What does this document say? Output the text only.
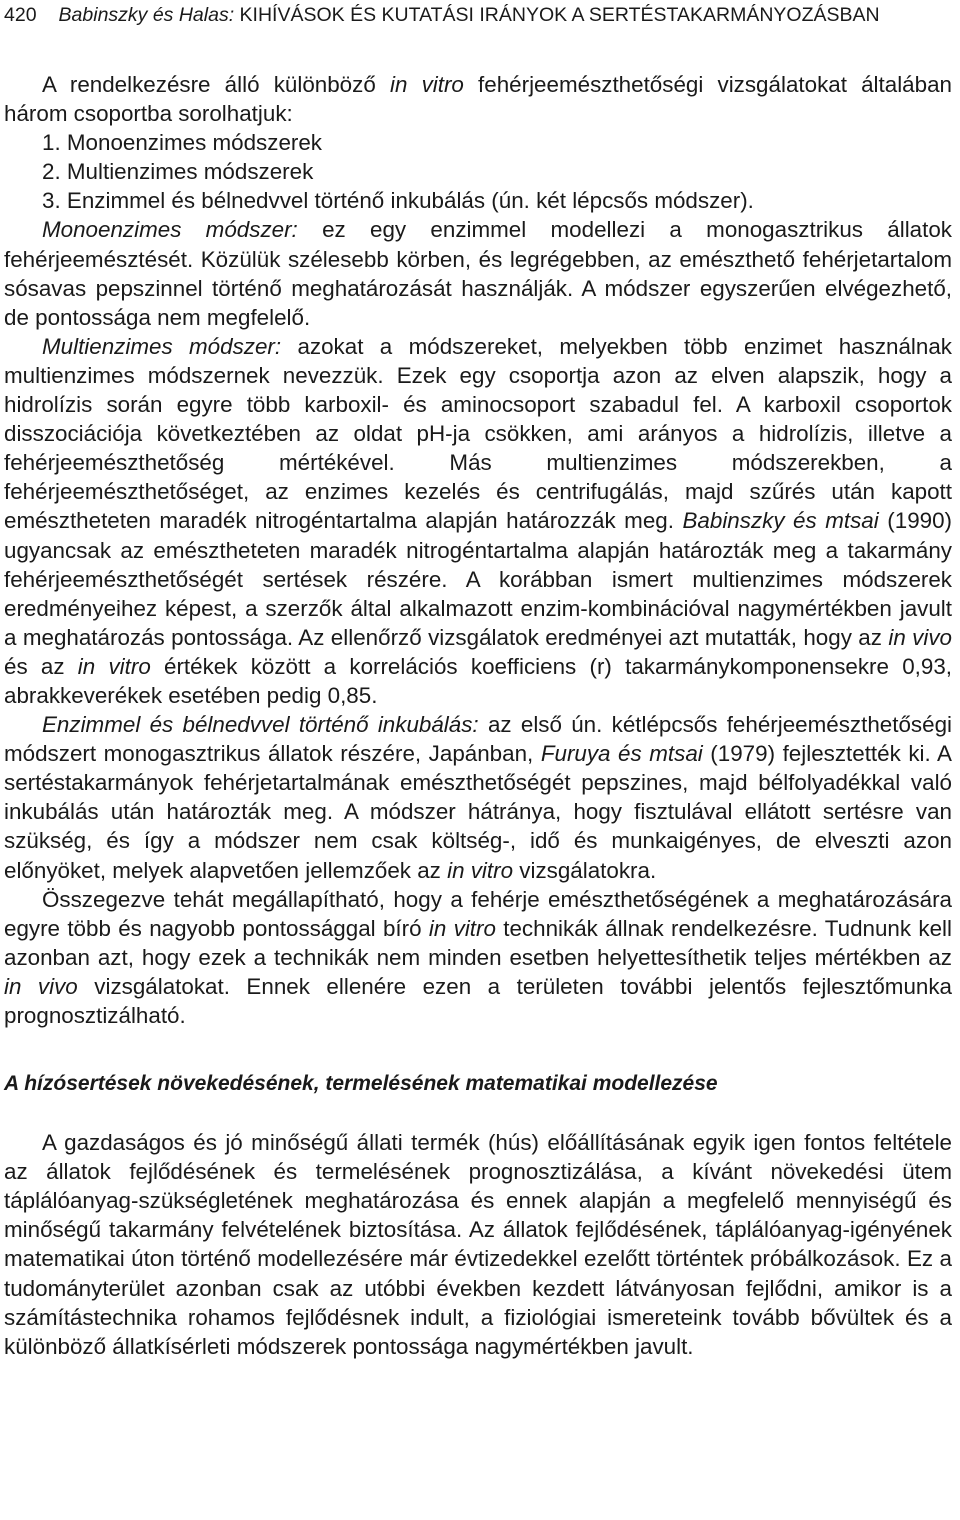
420 Babinszky és Halas: KIHÍVÁSOK ÉS KUTATÁSI IRÁNYOK A SERTÉSTAKARMÁNYOZÁSBAN

A rendelkezésre álló különböző in vitro fehérjeemészthetőségi vizsgálatokat általában három csoportba sorolhatjuk:

1. Monoenzimes módszerek

2. Multienzimes módszerek

3. Enzimmel és bélnedvvel történő inkubálás (ún. két lépcsős módszer).

Monoenzimes módszer: ez egy enzimmel modellezi a monogasztrikus állatok fehérjeemésztését. Közülük szélesebb körben, és legrégebben, az emészthető fehérjetartalom sósavas pepszinnel történő meghatározását használják. A módszer egyszerűen elvégezhető, de pontossága nem megfelelő.

Multienzimes módszer: azokat a módszereket, melyekben több enzimet használnak multienzimes módszernek nevezzük. Ezek egy csoportja azon az elven alapszik, hogy a hidrolízis során egyre több karboxil- és aminocsoport szabadul fel. A karboxil csoportok disszociációja következtében az oldat pH-ja csökken, ami arányos a hidrolízis, illetve a fehérjeemészthetőség mértékével. Más multienzimes módszerekben, a fehérjeemészthetőséget, az enzimes kezelés és centrifugálás, majd szűrés után kapott emésztheteten maradék nitrogéntartalma alapján határozzák meg. Babinszky és mtsai (1990) ugyancsak az emésztheteten maradék nitrogéntartalma alapján határozták meg a takarmány fehérjeemészthetőségét sertések részére. A korábban ismert multienzimes módszerek eredményeihez képest, a szerzők által alkalmazott enzim-kombinációval nagymértékben javult a meghatározás pontossága. Az ellenőrző vizsgálatok eredményei azt mutatták, hogy az in vivo és az in vitro értékek között a korrelációs koefficiens (r) takarmánykomponensekre 0,93, abrakkeverékek esetében pedig 0,85.

Enzimmel és bélnedvvel történő inkubálás: az első ún. kétlépcsős fehérjeemészthetőségi módszert monogasztrikus állatok részére, Japánban, Furuya és mtsai (1979) fejlesztették ki. A sertéstakarmányok fehérjetartalmának emészthetőségét pepszines, majd bélfolyadékkal való inkubálás után határozták meg. A módszer hátránya, hogy fisztulával ellátott sertésre van szükség, és így a módszer nem csak költség-, idő és munkaigényes, de elveszti azon előnyöket, melyek alapvetően jellemzőek az in vitro vizsgálatokra.

Összegezve tehát megállapítható, hogy a fehérje emészthetőségének a meghatározására egyre több és nagyobb pontossággal bíró in vitro technikák állnak rendelkezésre. Tudnunk kell azonban azt, hogy ezek a technikák nem minden esetben helyettesíthetik teljes mértékben az in vivo vizsgálatokat. Ennek ellenére ezen a területen további jelentős fejlesztőmunka prognosztizálható.

A hízósertések növekedésének, termelésének matematikai modellezése

A gazdaságos és jó minőségű állati termék (hús) előállításának egyik igen fontos feltétele az állatok fejlődésének és termelésének prognosztizálása, a kívánt növekedési ütem táplálóanyag-szükségletének meghatározása és ennek alapján a megfelelő mennyiségű és minőségű takarmány felvételének biztosítása. Az állatok fejlődésének, táplálóanyag-igényének matematikai úton történő modellezésére már évtizedekkel ezelőtt történtek próbálkozások. Ez a tudományterület azonban csak az utóbbi években kezdett látványosan fejlődni, amikor is a számítástechnika rohamos fejlődésnek indult, a fiziológiai ismereteink tovább bővültek és a különböző állatkísérleti módszerek pontossága nagymértékben javult.
